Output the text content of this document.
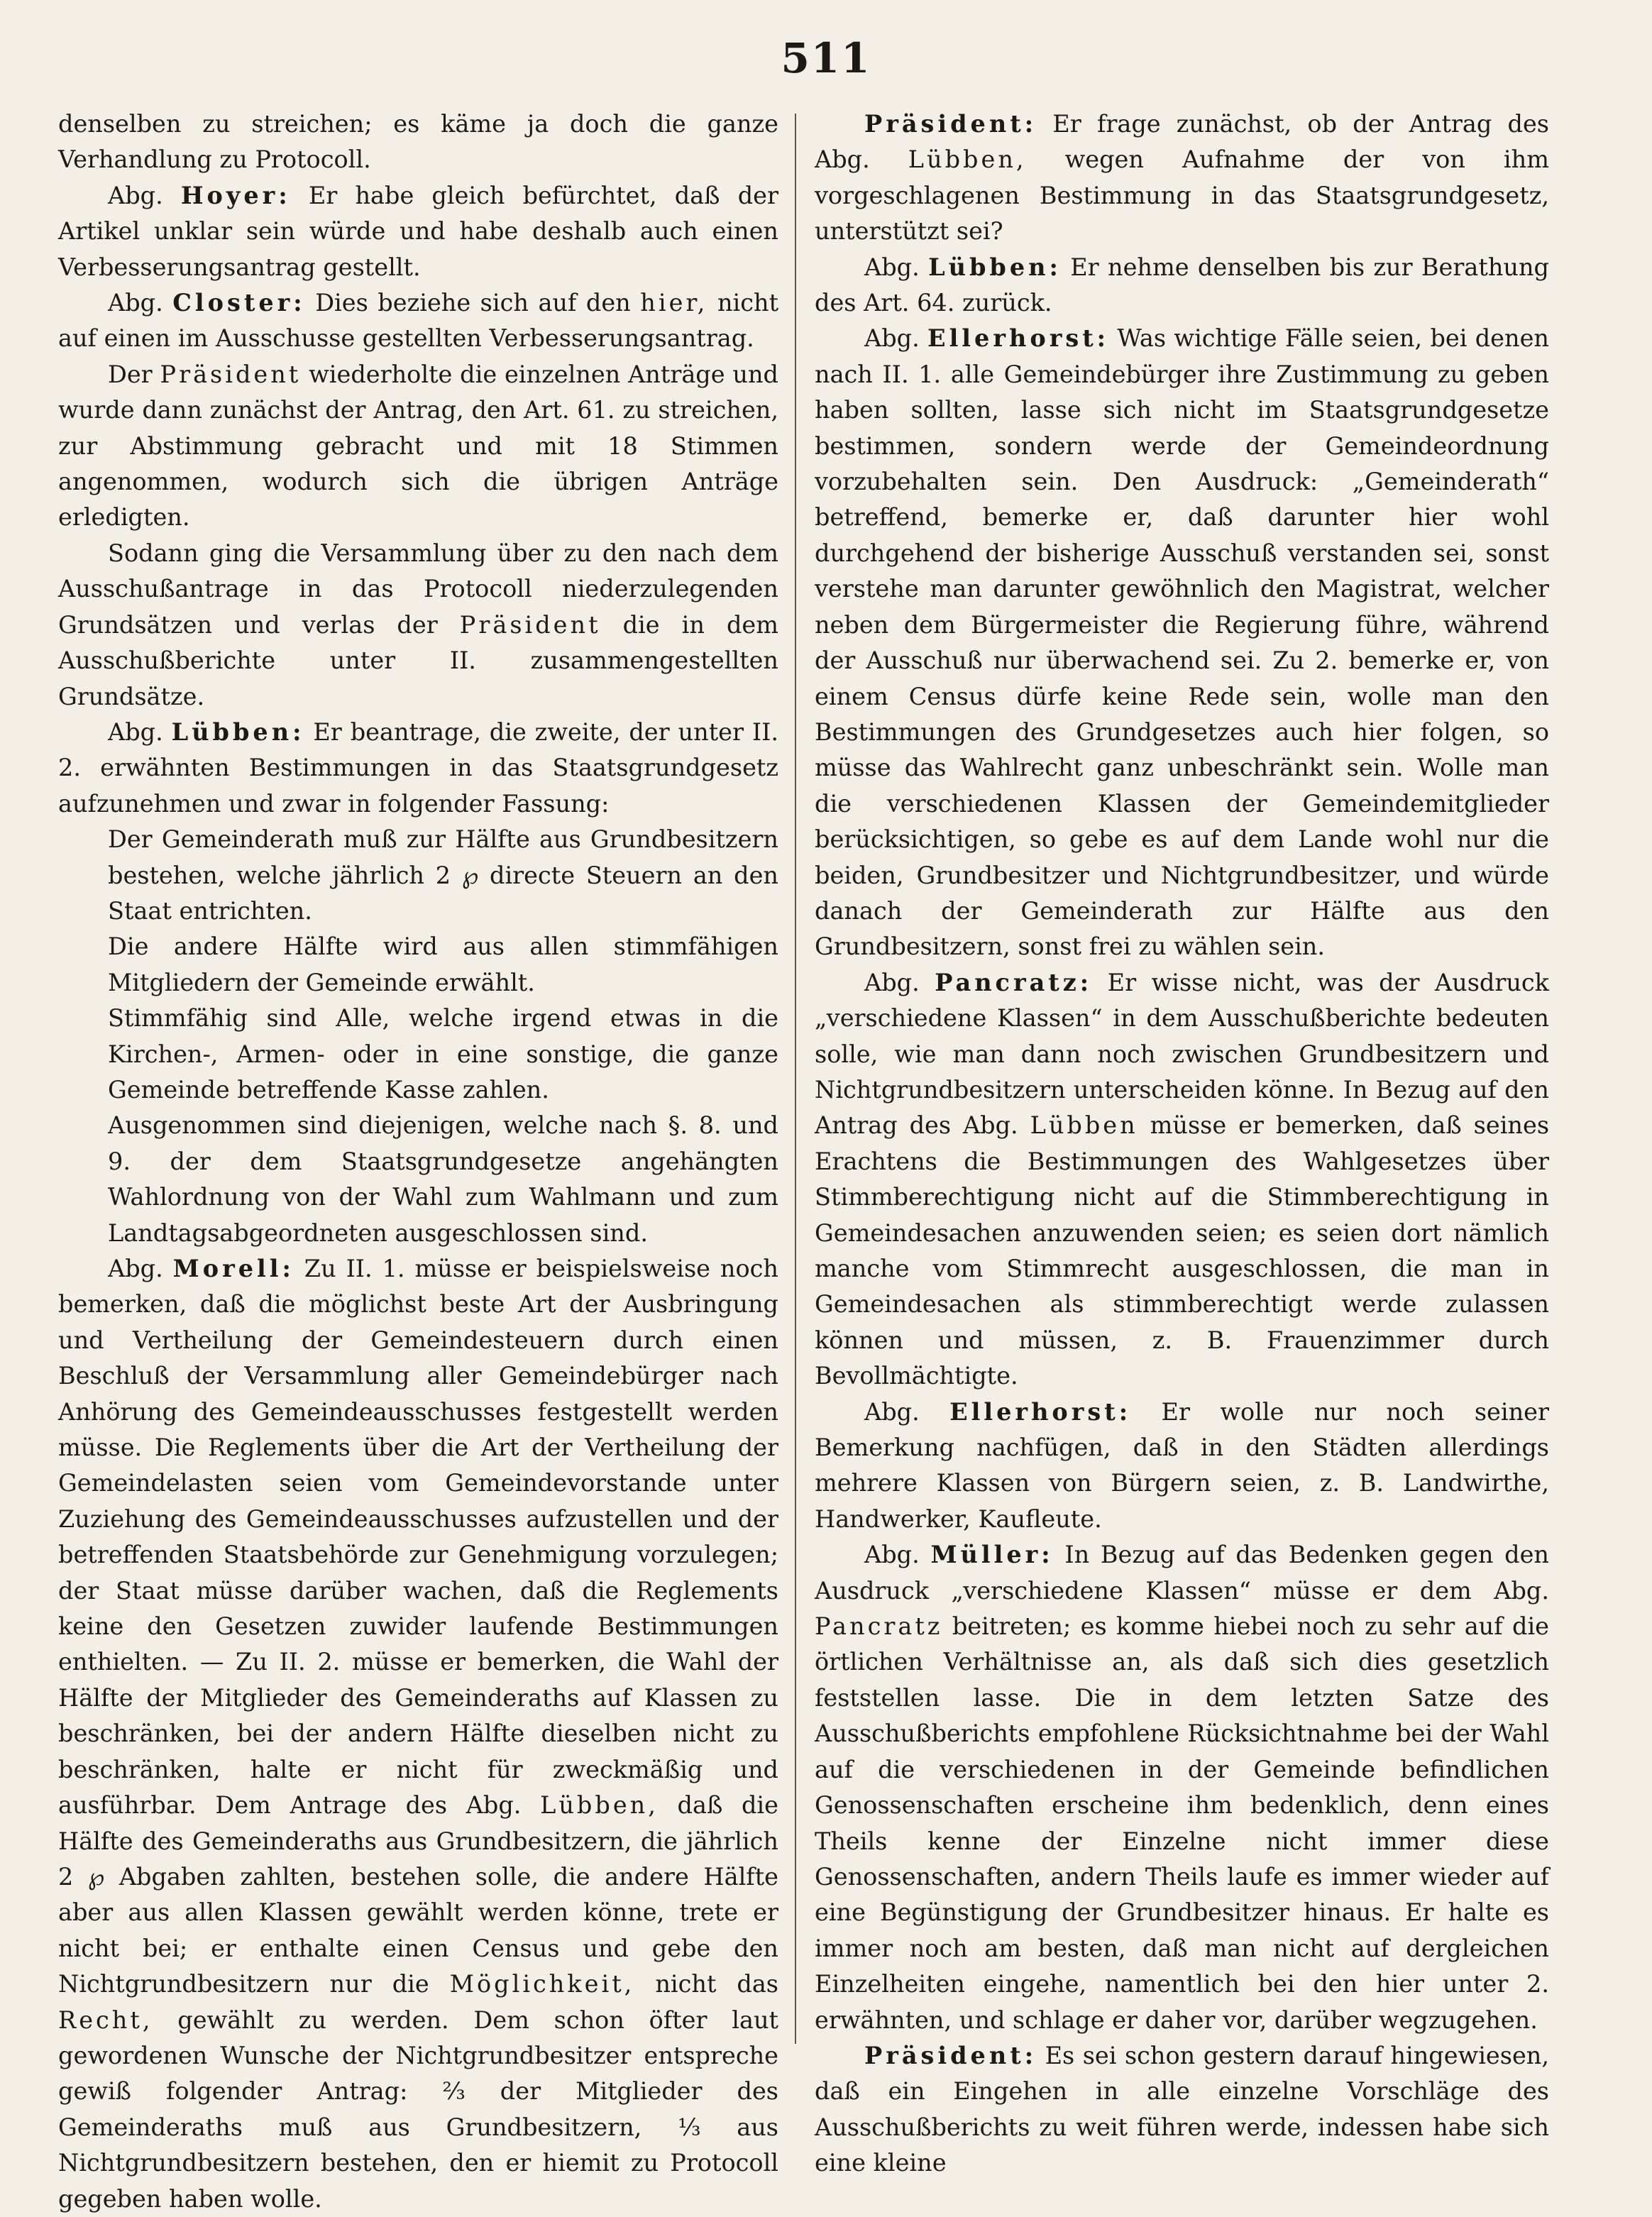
511

denselben zu streichen; es käme ja doch die ganze Verhandlung zu Protocoll.

Abg. Hoyer: Er habe gleich befürchtet, daß der Artikel unklar sein würde und habe deshalb auch einen Verbesserungsantrag gestellt.

Abg. Closter: Dies beziehe sich auf den hier, nicht auf einen im Ausschusse gestellten Verbesserungsantrag.

Der Präsident wiederholte die einzelnen Anträge und wurde dann zunächst der Antrag, den Art. 61. zu streichen, zur Abstimmung gebracht und mit 18 Stimmen angenommen, wodurch sich die übrigen Anträge erledigten.

Sodann ging die Versammlung über zu den nach dem Ausschußantrage in das Protocoll niederzulegenden Grundsätzen und verlas der Präsident die in dem Ausschußberichte unter II. zusammengestellten Grundsätze.

Abg. Lübben: Er beantrage, die zweite, der unter II. 2. erwähnten Bestimmungen in das Staatsgrundgesetz aufzunehmen und zwar in folgender Fassung:

Der Gemeinderath muß zur Hälfte aus Grundbesitzern bestehen, welche jährlich 2 ℘ directe Steuern an den Staat entrichten.

Die andere Hälfte wird aus allen stimmfähigen Mitgliedern der Gemeinde erwählt.

Stimmfähig sind Alle, welche irgend etwas in die Kirchen-, Armen- oder in eine sonstige, die ganze Gemeinde betreffende Kasse zahlen.

Ausgenommen sind diejenigen, welche nach §. 8. und 9. der dem Staatsgrundgesetze angehängten Wahlordnung von der Wahl zum Wahlmann und zum Landtagsabgeordneten ausgeschlossen sind.

Abg. Morell: Zu II. 1. müsse er beispielsweise noch bemerken, daß die möglichst beste Art der Ausbringung und Vertheilung der Gemeindesteuern durch einen Beschluß der Versammlung aller Gemeindebürger nach Anhörung des Gemeindeausschusses festgestellt werden müsse. Die Reglements über die Art der Vertheilung der Gemeindelasten seien vom Gemeindevorstande unter Zuziehung des Gemeindeausschusses aufzustellen und der betreffenden Staatsbehörde zur Genehmigung vorzulegen; der Staat müsse darüber wachen, daß die Reglements keine den Gesetzen zuwider laufende Bestimmungen enthielten. — Zu II. 2. müsse er bemerken, die Wahl der Hälfte der Mitglieder des Gemeinderaths auf Klassen zu beschränken, bei der andern Hälfte dieselben nicht zu beschränken, halte er nicht für zweckmäßig und ausführbar. Dem Antrage des Abg. Lübben, daß die Hälfte des Gemeinderaths aus Grundbesitzern, die jährlich 2 ℘ Abgaben zahlten, bestehen solle, die andere Hälfte aber aus allen Klassen gewählt werden könne, trete er nicht bei; er enthalte einen Census und gebe den Nichtgrundbesitzern nur die Möglichkeit, nicht das Recht, gewählt zu werden. Dem schon öfter laut gewordenen Wunsche der Nichtgrundbesitzer entspreche gewiß folgender Antrag: ²⁄₃ der Mitglieder des Gemeinderaths muß aus Grundbesitzern, ¹⁄₃ aus Nichtgrundbesitzern bestehen, den er hiemit zu Protocoll gegeben haben wolle.

Präsident: Er frage zunächst, ob der Antrag des Abg. Lübben, wegen Aufnahme der von ihm vorgeschlagenen Bestimmung in das Staatsgrundgesetz, unterstützt sei?

Abg. Lübben: Er nehme denselben bis zur Berathung des Art. 64. zurück.

Abg. Ellerhorst: Was wichtige Fälle seien, bei denen nach II. 1. alle Gemeindebürger ihre Zustimmung zu geben haben sollten, lasse sich nicht im Staatsgrundgesetze bestimmen, sondern werde der Gemeindeordnung vorzubehalten sein. Den Ausdruck: „Gemeinderath“ betreffend, bemerke er, daß darunter hier wohl durchgehend der bisherige Ausschuß verstanden sei, sonst verstehe man darunter gewöhnlich den Magistrat, welcher neben dem Bürgermeister die Regierung führe, während der Ausschuß nur überwachend sei. Zu 2. bemerke er, von einem Census dürfe keine Rede sein, wolle man den Bestimmungen des Grundgesetzes auch hier folgen, so müsse das Wahlrecht ganz unbeschränkt sein. Wolle man die verschiedenen Klassen der Gemeindemitglieder berücksichtigen, so gebe es auf dem Lande wohl nur die beiden, Grundbesitzer und Nichtgrundbesitzer, und würde danach der Gemeinderath zur Hälfte aus den Grundbesitzern, sonst frei zu wählen sein.

Abg. Pancratz: Er wisse nicht, was der Ausdruck „verschiedene Klassen“ in dem Ausschußberichte bedeuten solle, wie man dann noch zwischen Grundbesitzern und Nichtgrundbesitzern unterscheiden könne. In Bezug auf den Antrag des Abg. Lübben müsse er bemerken, daß seines Erachtens die Bestimmungen des Wahlgesetzes über Stimmberechtigung nicht auf die Stimmberechtigung in Gemeindesachen anzuwenden seien; es seien dort nämlich manche vom Stimmrecht ausgeschlossen, die man in Gemeindesachen als stimmberechtigt werde zulassen können und müssen, z. B. Frauenzimmer durch Bevollmächtigte.

Abg. Ellerhorst: Er wolle nur noch seiner Bemerkung nachfügen, daß in den Städten allerdings mehrere Klassen von Bürgern seien, z. B. Landwirthe, Handwerker, Kaufleute.

Abg. Müller: In Bezug auf das Bedenken gegen den Ausdruck „verschiedene Klassen“ müsse er dem Abg. Pancratz beitreten; es komme hiebei noch zu sehr auf die örtlichen Verhältnisse an, als daß sich dies gesetzlich feststellen lasse. Die in dem letzten Satze des Ausschußberichts empfohlene Rücksichtnahme bei der Wahl auf die verschiedenen in der Gemeinde befindlichen Genossenschaften erscheine ihm bedenklich, denn eines Theils kenne der Einzelne nicht immer diese Genossenschaften, andern Theils laufe es immer wieder auf eine Begünstigung der Grundbesitzer hinaus. Er halte es immer noch am besten, daß man nicht auf dergleichen Einzelheiten eingehe, namentlich bei den hier unter 2. erwähnten, und schlage er daher vor, darüber wegzugehen.

Präsident: Es sei schon gestern darauf hingewiesen, daß ein Eingehen in alle einzelne Vorschläge des Ausschußberichts zu weit führen werde, indessen habe sich eine kleine
